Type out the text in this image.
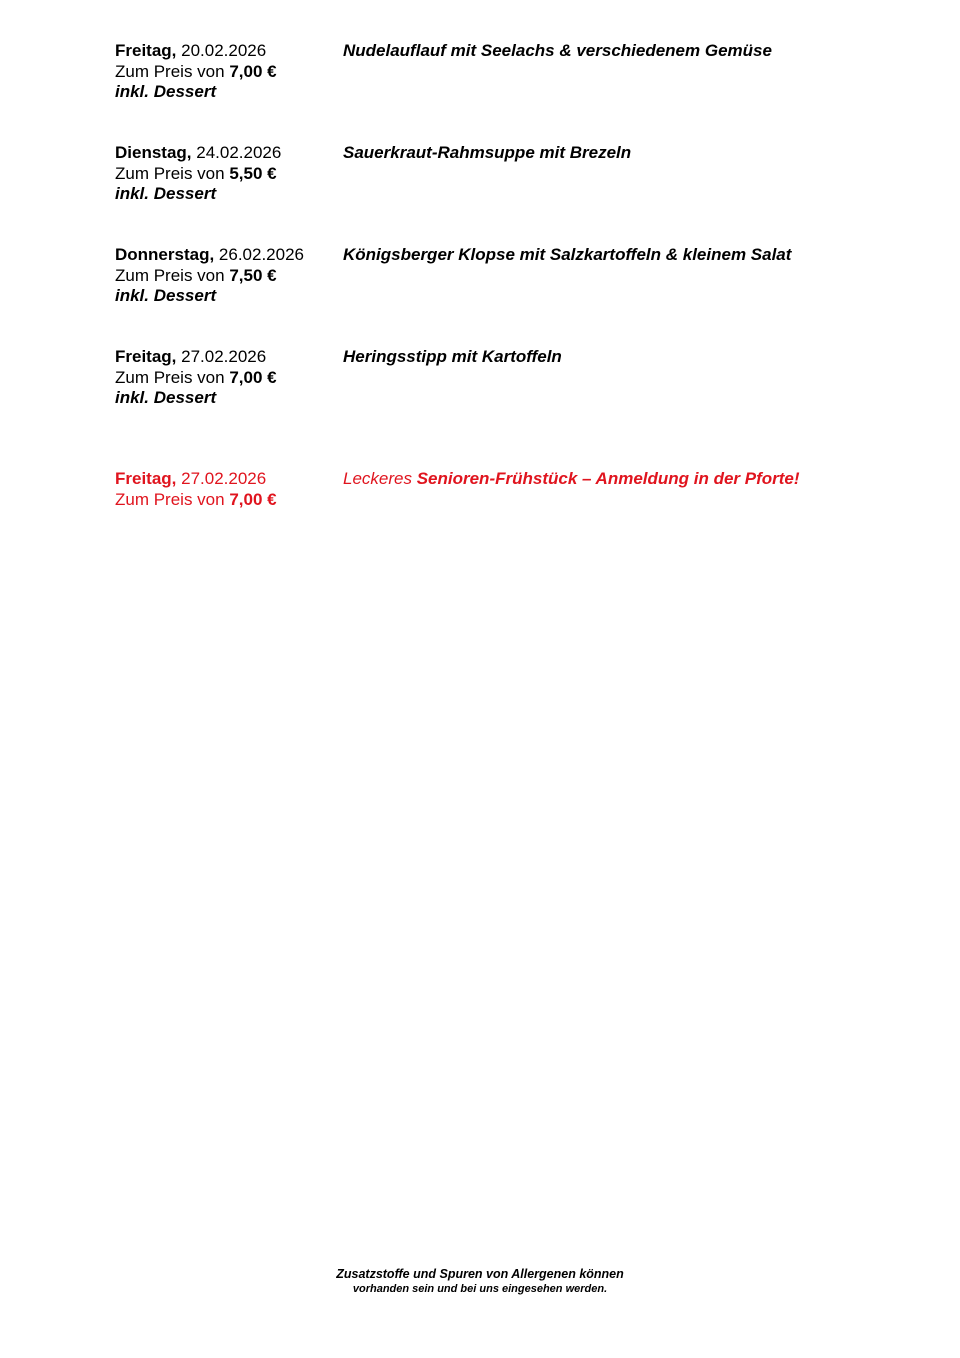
Freitag, 20.02.2026
Zum Preis von 7,00 €
inkl. Dessert
Nudelauflauf mit Seelachs & verschiedenem Gemüse
Dienstag, 24.02.2026
Zum Preis von 5,50 €
inkl. Dessert
Sauerkraut-Rahmsuppe mit Brezeln
Donnerstag, 26.02.2026
Zum Preis von 7,50 €
inkl. Dessert
Königsberger Klopse mit Salzkartoffeln & kleinem Salat
Freitag, 27.02.2026
Zum Preis von 7,00 €
inkl. Dessert
Heringsstipp mit Kartoffeln
Freitag, 27.02.2026
Zum Preis von 7,00 €
Leckeres Senioren-Frühstück – Anmeldung in der Pforte!
Zusatzstoffe und Spuren von Allergenen können
vorhanden sein und bei uns eingesehen werden.
